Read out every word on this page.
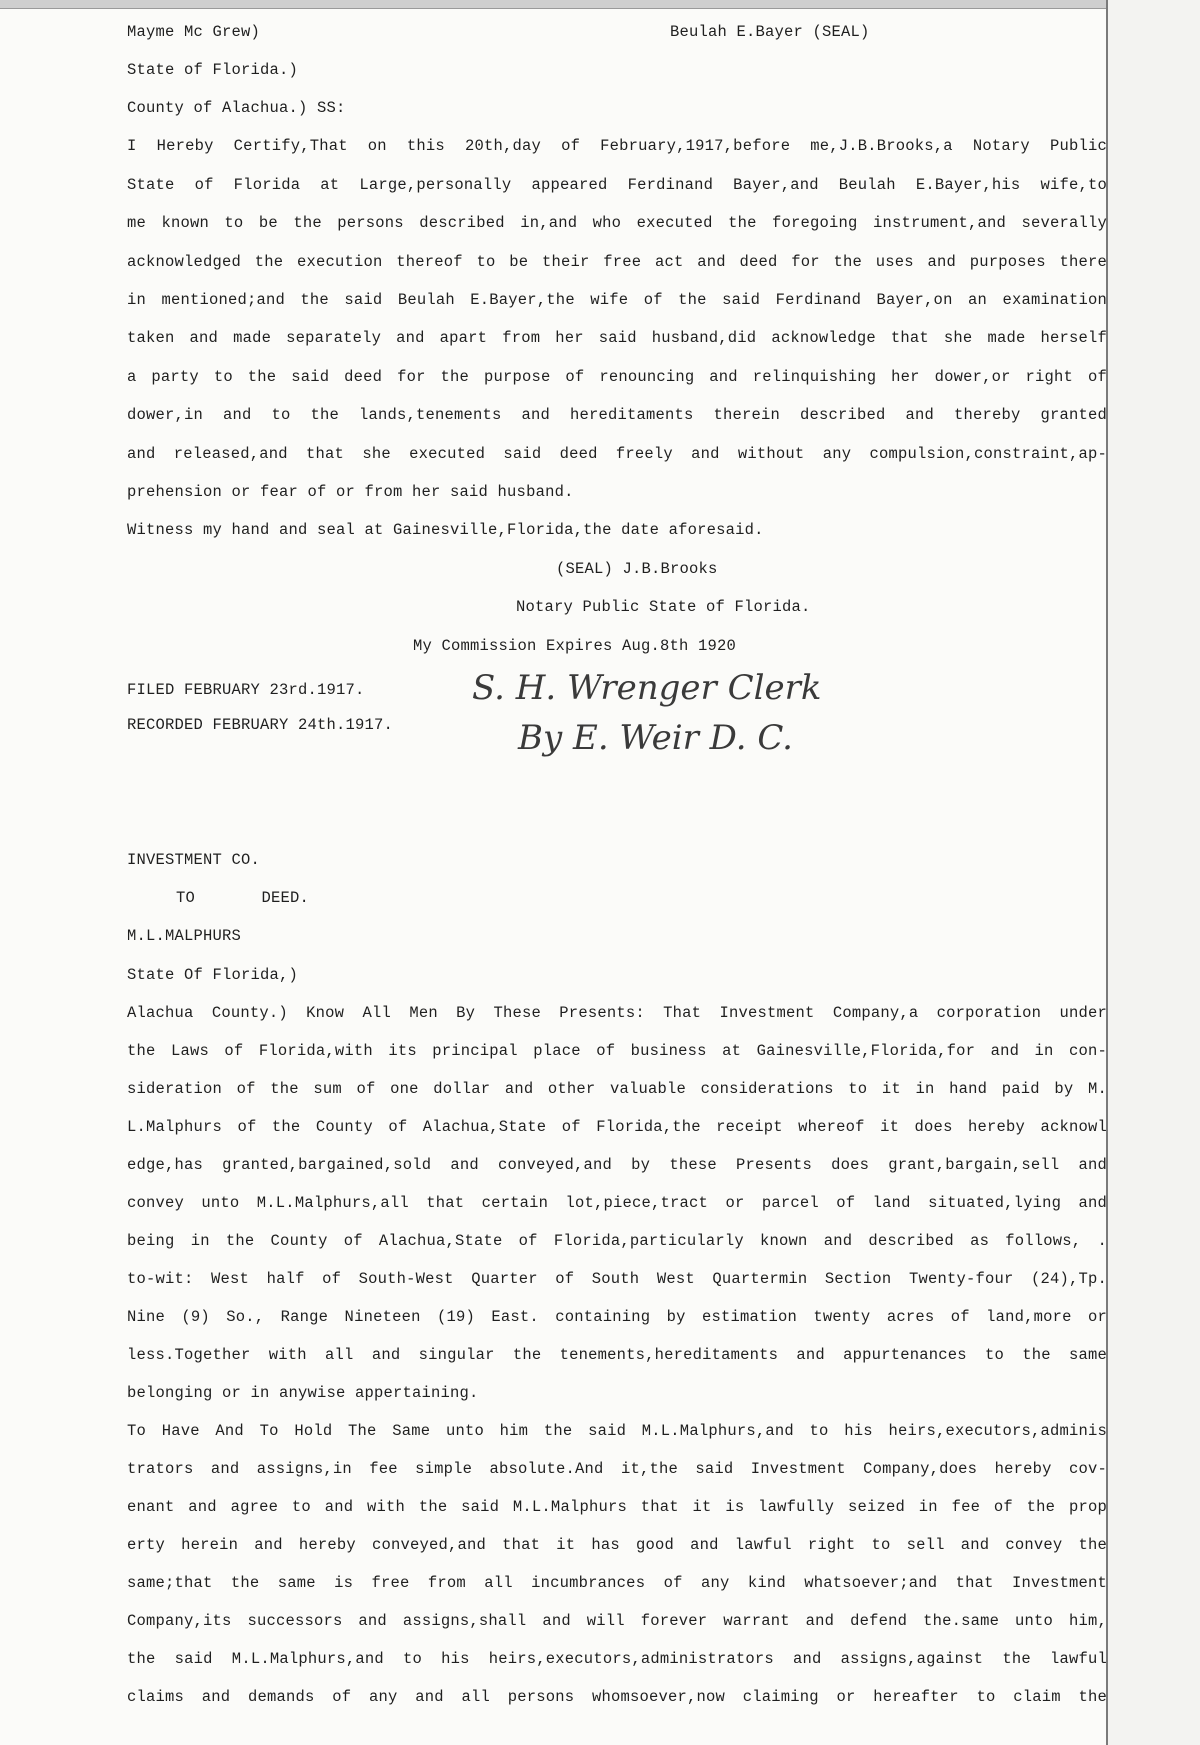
Mayme Mc Grew)	Beulah E.Bayer (SEAL)
State of Florida.)
County of Alachua.) SS:
I Hereby Certify,That on this 20th,day of February,1917,before me,J.B.Brooks,a Notary Public
State of Florida at Large,personally appeared Ferdinand Bayer,and Beulah E.Bayer,his wife,to
me known to be the persons described in,and who executed the foregoing instrument,and severally
acknowledged the execution thereof to be their free act and deed for the uses and purposes there
in mentioned;and the said Beulah E.Bayer,the wife of the said Ferdinand Bayer,on an examination
taken and made separately and apart from her said husband,did acknowledge that she made herself
a party to the said deed for the purpose of renouncing and relinquishing her dower,or right of
dower,in and to the lands,tenements and hereditaments therein described and thereby granted
and released,and that she executed said deed freely and without any compulsion,constraint,ap-
prehension or fear of or from her said husband.
Witness my hand and seal at Gainesville,Florida,the date aforesaid.
(SEAL) J.B.Brooks
Notary Public State of Florida.
My Commission Expires Aug.8th 1920
FILED FEBRUARY 23rd.1917.
RECORDED FEBRUARY 24th.1917.
S. H. Wrenger Clerk
By E. Weir D. C.
INVESTMENT CO.
TO       DEED.
M.L.MALPHURS
State Of Florida,)
Alachua County.) Know All Men By These Presents: That Investment Company,a corporation under
the Laws of Florida,with its principal place of business at Gainesville,Florida,for and in con-
sideration of the sum of one dollar and other valuable considerations to it in hand paid by M.
L.Malphurs of the County of Alachua,State of Florida,the receipt whereof it does hereby acknowl
edge,has granted,bargained,sold and conveyed,and by these Presents does grant,bargain,sell and
convey unto M.L.Malphurs,all that certain lot,piece,tract or parcel of land situated,lying and
being in the County of Alachua,State of Florida,particularly known and described as follows, .
to-wit: West half of South-West Quarter of South West Quartermin Section Twenty-four (24),Tp.
Nine (9) So., Range Nineteen (19) East. containing by estimation twenty acres of land,more or
less.Together with all and singular the tenements,hereditaments and appurtenances to the same
belonging or in anywise appertaining.
To Have And To Hold The Same unto him the said M.L.Malphurs,and to his heirs,executors,adminis
trators and assigns,in fee simple absolute.And it,the said Investment Company,does hereby cov-
enant and agree to and with the said M.L.Malphurs that it is lawfully seized in fee of the prop
erty herein and hereby conveyed,and that it has good and lawful right to sell and convey the
same;that the same is free from all incumbrances of any kind whatsoever;and that Investment
Company,its successors and assigns,shall and will forever warrant and defend the.same unto him,
the said M.L.Malphurs,and to his heirs,executors,administrators and assigns,against the lawful
claims and demands of any and all persons whomsoever,now claiming or hereafter to claim the
